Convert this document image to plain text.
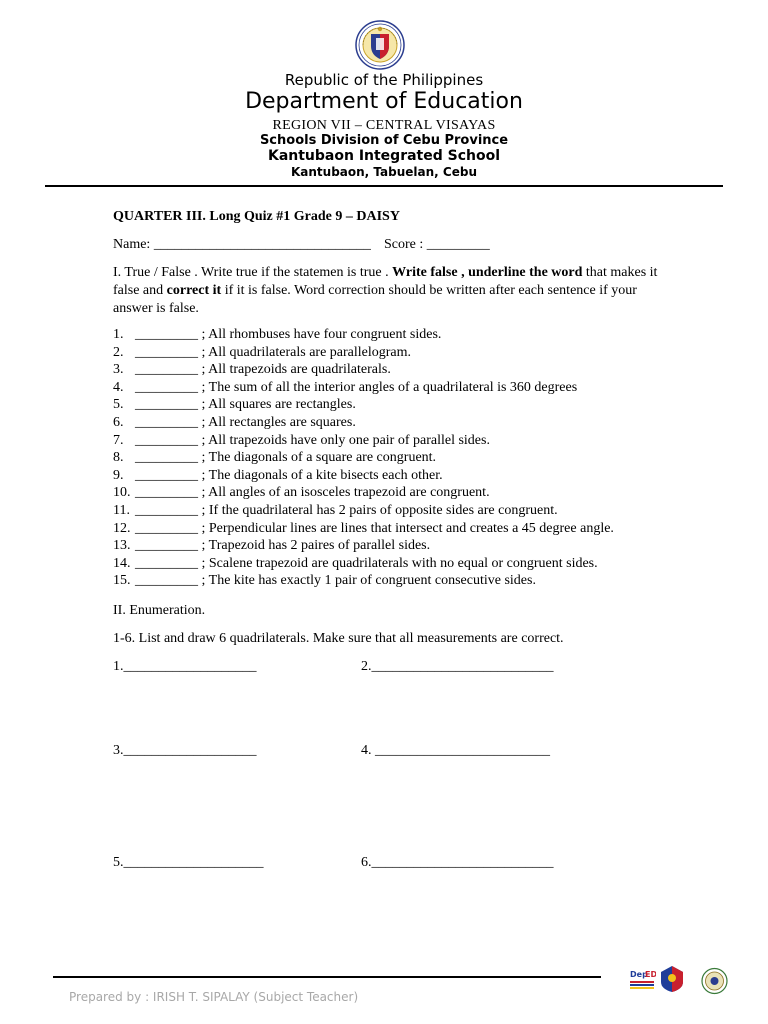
Republic of the Philippines
Department of Education
REGION VII – CENTRAL VISAYAS
Schools Division of Cebu Province
Kantubaon Integrated School
Kantubaon, Tabuelan, Cebu
QUARTER III. Long Quiz #1 Grade 9 – DAISY
Name: _______________________________ Score : _________
I. True / False . Write true if the statemen is true . Write false , underline the word that makes it false and correct it if it is false. Word correction should be written after each sentence if your answer is false.
1. _________ ; All rhombuses have four congruent sides.
2. _________ ; All quadrilaterals are parallelogram.
3. _________ ; All trapezoids are quadrilaterals.
4. _________ ; The sum of all the interior angles of a quadrilateral is 360 degrees
5. _________ ; All squares are rectangles.
6. _________ ; All rectangles are squares.
7. _________ ; All trapezoids have only one pair of parallel sides.
8. _________ ; The diagonals of a square are congruent.
9. _________ ; The diagonals of a kite bisects each other.
10. _________ ; All angles of an isosceles trapezoid are congruent.
11. _________ ; If the quadrilateral has 2 pairs of opposite sides are congruent.
12. _________ ; Perpendicular lines are lines that intersect and creates a 45 degree angle.
13. _________ ; Trapezoid has 2 paires of parallel sides.
14. _________ ; Scalene trapezoid are quadrilaterals with no equal or congruent sides.
15. _________ ; The kite has exactly 1 pair of congruent consecutive sides.
II. Enumeration.
1-6. List and draw 6 quadrilaterals. Make sure that all measurements are correct.
1.___________________	2.__________________________
3.___________________	4. _________________________
5.____________________	6.__________________________
Prepared by : IRISH T. SIPALAY (Subject Teacher)
Dep
ED
